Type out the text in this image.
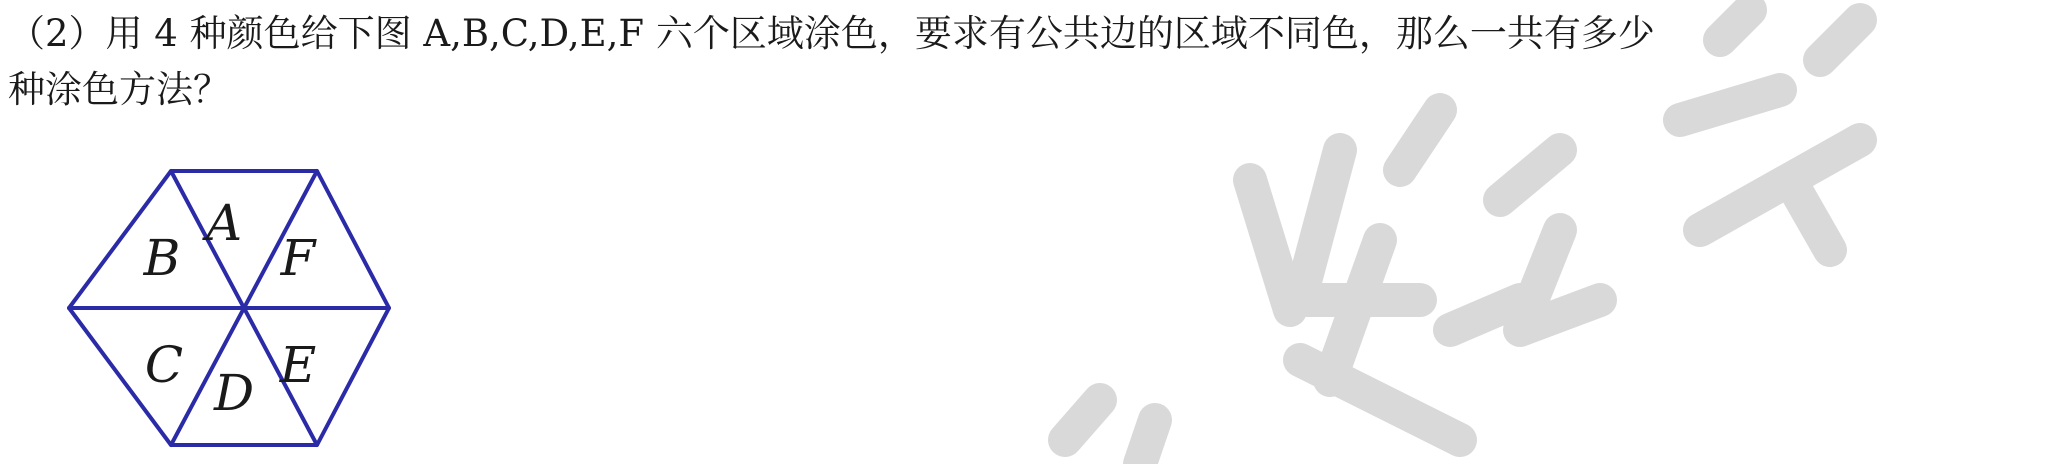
（2）用 4 种颜色给下图 A,B,C,D,E,F 六个区域涂色，要求有公共边的区域不同色，那么一共有多少
种涂色方法？
A
B F
C E
D
